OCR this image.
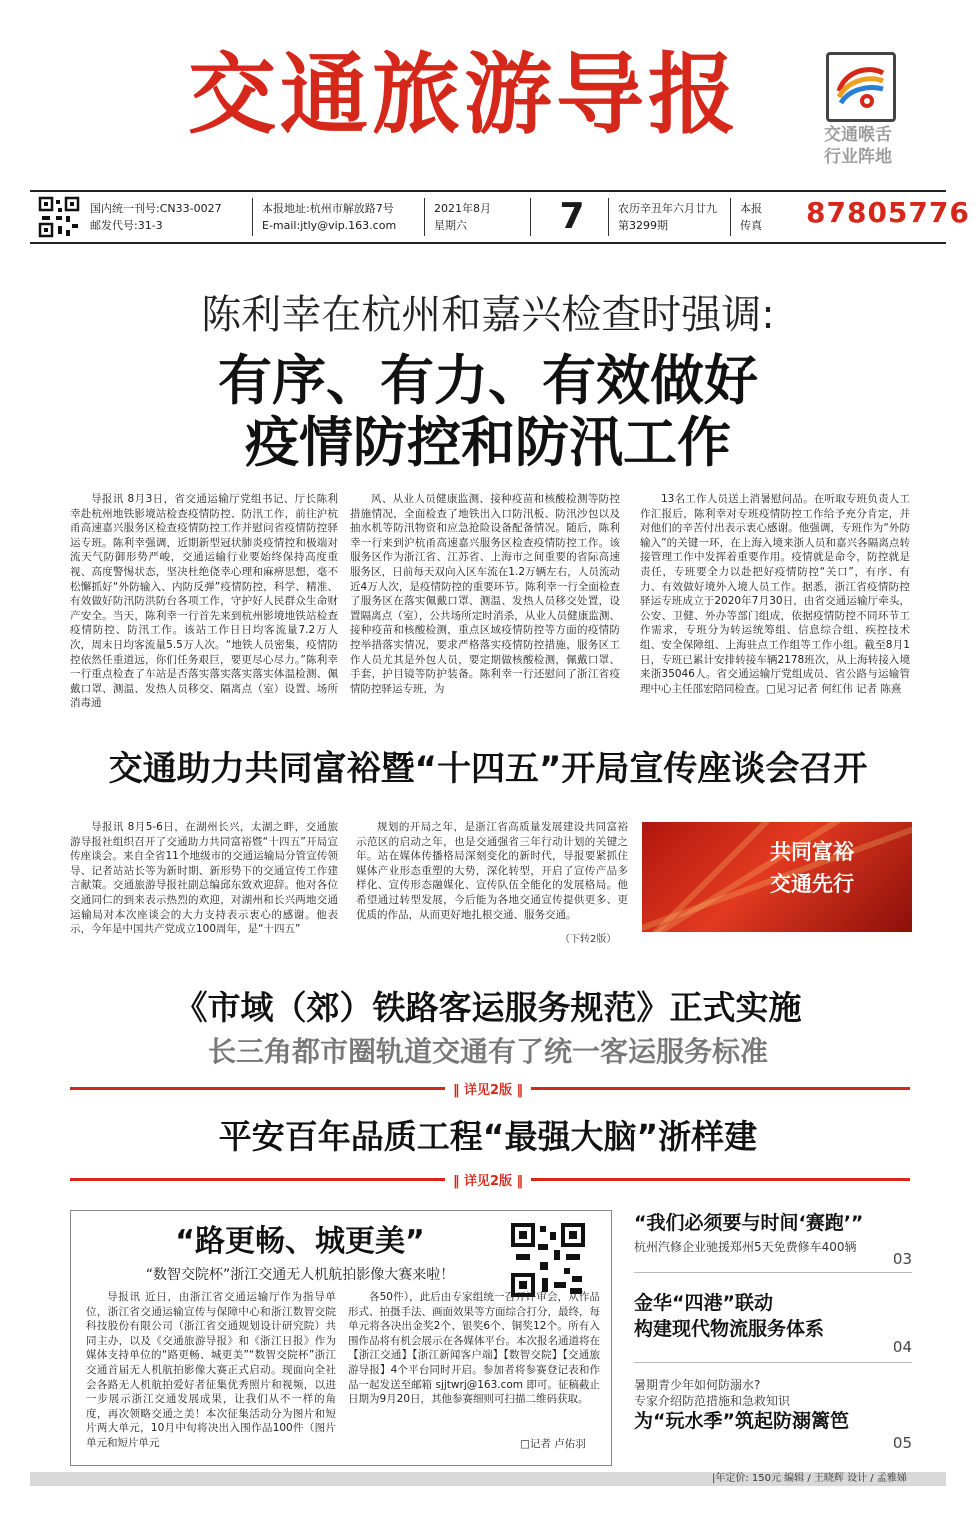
交通旅游导报	交通喉舌
行业阵地
国内统一刊号:CN33-0027
邮发代号:31-3
本报地址:杭州市解放路7号
E-mail:jtly@vip.163.com
2021年8月
星期六	7	农历辛丑年六月廿九
第3299期
本报
传真	87805776
陈利幸在杭州和嘉兴检查时强调:
有序、有力、有效做好
疫情防控和防汛工作

导报讯 8月3日，省交通运输厅党组书记、厅长陈利幸赴杭州地铁影境站检查疫情防控、防汛工作，前往沪杭甬高速嘉兴服务区检查疫情防控工作并慰问省疫情防控驿运专班。陈利幸强调，近期新型冠状肺炎疫情控和极端对流天气防御形势严峻，交通运输行业要始终保持高度重视、高度警惕状态，坚决杜绝侥幸心理和麻痹思想，毫不松懈抓好“外防输入、内防反弹”疫情防控，科学、精准、有效做好防汛防洪防台各项工作，守护好人民群众生命财产安全。当天，陈利幸一行首先来到杭州影境地铁站检查疫情防控、防汛工作。该站工作日日均客流量7.2万人次，周末日均客流量5.5万人次。“地铁人员密集，疫情防控依然任重道远，你们任务艰巨，要更尽心尽力。”陈利幸一行重点检查了车站是否落实落实落实落实体温检测、佩戴口罩、测温、发热人员移交、隔离点（室）设置、场所消毒通

风、从业人员健康监测、接种疫苗和核酸检测等防控措施情况，全面检查了地铁出入口防汛板、防汛沙包以及抽水机等防汛物资和应急抢险设备配备情况。随后，陈利幸一行来到沪杭甬高速嘉兴服务区检查疫情防控工作。该服务区作为浙江省、江苏省、上海市之间重要的省际高速服务区，日前每天双向入区车流在1.2万辆左右，人员流动近4万人次，是疫情防控的重要环节。陈利幸一行全面检查了服务区在落实佩戴口罩、测温、发热人员移交处置，设置隔离点（室），公共场所定时消杀，从业人员健康监测、接种疫苗和核酸检测，重点区域疫情防控等方面的疫情防控举措落实情况，要求严格落实疫情防控措施，服务区工作人员尤其是外包人员，要定期做核酸检测，佩戴口罩、手套，护目镜等防护装备。陈利幸一行还慰问了浙江省疫情防控驿运专班，为

13名工作人员送上消暑慰问品。在听取专班负责人工作汇报后，陈利幸对专班疫情防控工作给予充分肯定，并对他们的辛苦付出表示衷心感谢。他强调，专班作为“外防输入”的关键一环，在上海入境来浙人员和嘉兴各隔离点转接管理工作中发挥着重要作用。疫情就是命令，防控就是责任，专班要全力以赴把好疫情防控“关口”，有序、有力、有效做好境外入境人员工作。据悉，浙江省疫情防控驿运专班成立于2020年7月30日，由省交通运输厅牵头，公安、卫健、外办等部门组成，依据疫情防控不同环节工作需求，专班分为转运统筹组、信息综合组、疾控技术组、安全保障组、上海驻点工作组等工作小组。截至8月1日，专班已累计安排转接车辆2178班次，从上海转接入境来浙35046人。省交通运输厅党组成员、省公路与运输管理中心主任邵宏陪同检查。□见习记者 何红伟 记者 陈熹

交通助力共同富裕暨“十四五”开局宣传座谈会召开

导报讯 8月5-6日，在湖州长兴，太湖之畔，交通旅游导报社组织召开了交通助力共同富裕暨“十四五”开局宣传座谈会。来自全省11个地级市的交通运输局分管宣传领导、记者站站长等为新时期、新形势下的交通宣传工作建言献策。交通旅游导报社副总编邱东致欢迎辞。他对各位交通同仁的到来表示热烈的欢迎，对湖州和长兴两地交通运输局对本次座谈会的大力支持表示衷心的感谢。他表示，今年是中国共产党成立100周年，是“十四五”

规划的开局之年，是浙江省高质量发展建设共同富裕示范区的启动之年，也是交通强省三年行动计划的关键之年。站在媒体传播格局深刻变化的新时代，导报要紧抓住媒体产业形态重塑的大势，深化转型，开启了宣传产品多样化、宣传形态融媒化、宣传队伍全能化的发展格局。他希望通过转型发展，今后能为各地交通宣传提供更多、更优质的作品，从而更好地扎根交通、服务交通。

（下转2版）
共同富裕
交通先行
《市域（郊）铁路客运服务规范》正式实施
长三角都市圈轨道交通有了统一客运服务标准
‖ 详见2版 ‖
平安百年品质工程“最强大脑”浙样建
‖ 详见2版 ‖
“路更畅、城更美”
“数智交院杯”浙江交通无人机航拍影像大赛来啦！

导报讯 近日，由浙江省交通运输厅作为指导单位，浙江省交通运输宣传与保障中心和浙江数智交院科技股份有限公司（浙江省交通规划设计研究院）共同主办，以及《交通旅游导报》和《浙江日报》作为媒体支持单位的“路更畅、城更美”“数智交院杯”浙江交通首届无人机航拍影像大赛正式启动。现面向全社会各路无人机航拍爱好者征集优秀照片和视频，以进一步展示浙江交通发展成果，让我们从不一样的角度，再次领略交通之美！本次征集活动分为图片和短片两大单元，10月中旬将决出入围作品100件（图片单元和短片单元

各50件），此后由专家组统一召开评审会，从作品形式、拍摄手法、画面效果等方面综合打分，最终，每单元将各决出金奖2个、银奖6个、铜奖12个。所有入围作品将有机会展示在各媒体平台。本次报名通道将在【浙江交通】【浙江新闻客户端】【数智交院】【交通旅游导报】4个平台同时开启。参加者将参赛登记表和作品一起发送至邮箱 sjjtwrj@163.com 即可。征稿截止日期为9月20日，其他参赛细则可扫描二维码获取。

□记者 卢佑羽
“我们必须要与时间‘赛跑’”
杭州汽修企业驰援郑州5天免费修车400辆
03
金华“四港”联动
构建现代物流服务体系
04
暑期青少年如何防溺水?
专家介绍防范措施和急救知识
为“玩水季”筑起防溺篱笆
05
|年定价: 150元 编辑 / 王晓辉 设计 / 孟雅娣
